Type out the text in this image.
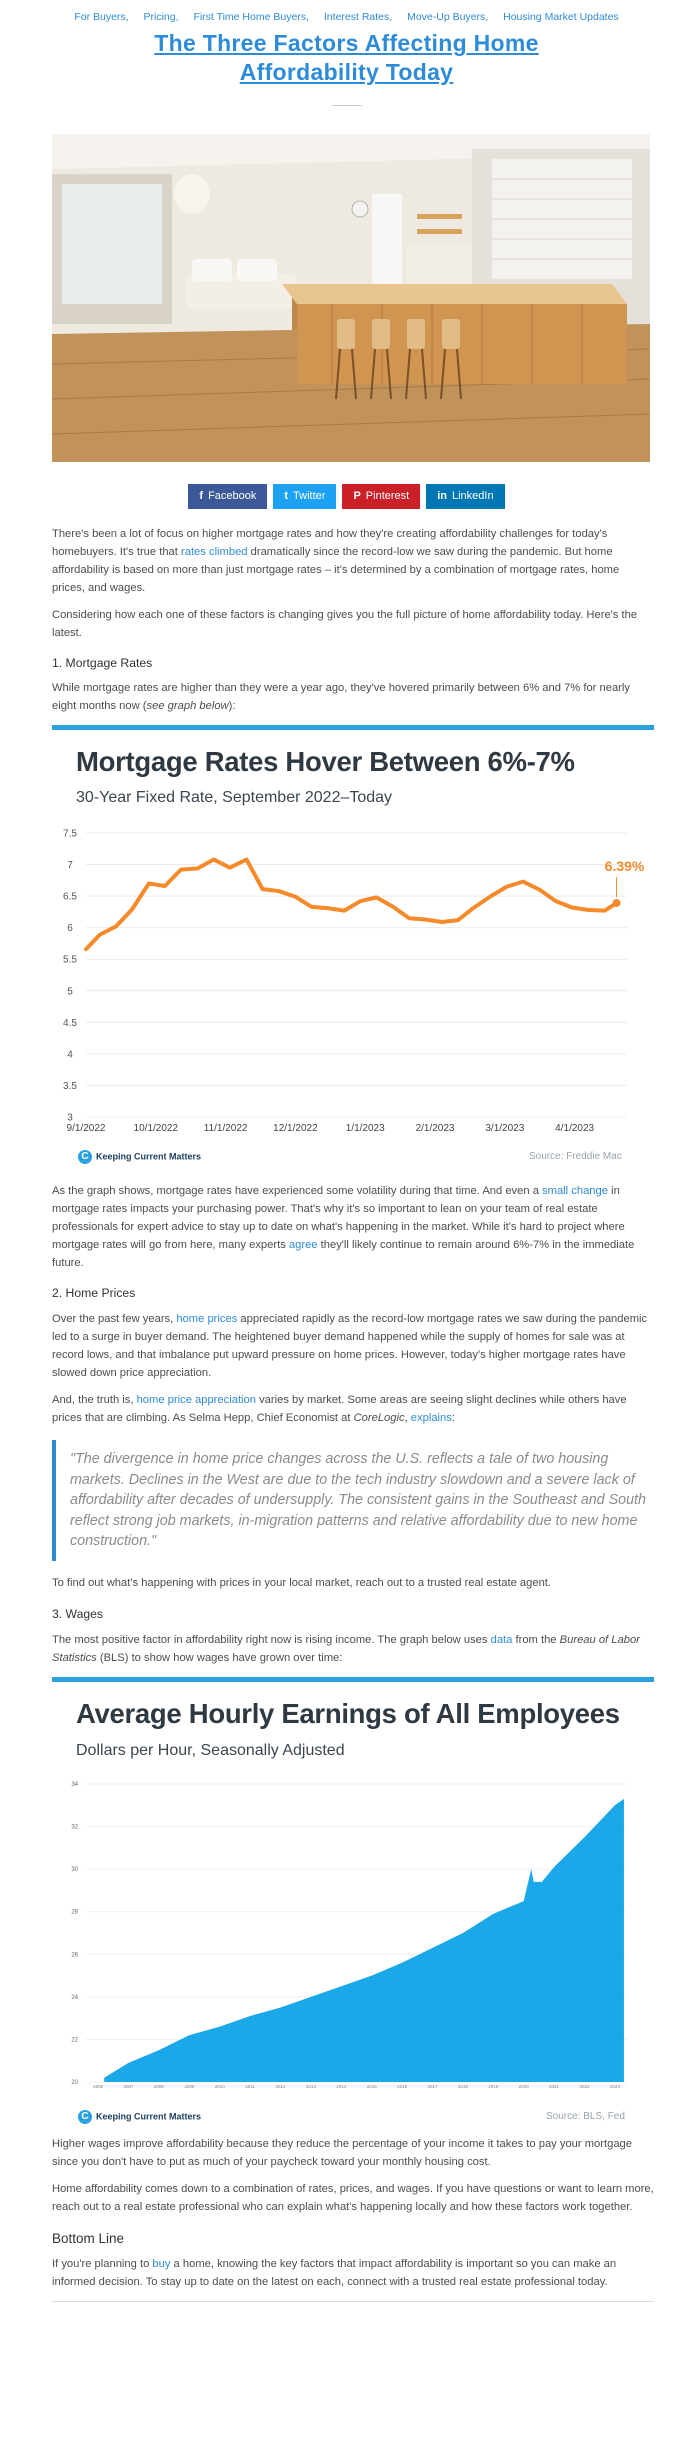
For Buyers, Pricing, First Time Home Buyers, Interest Rates, Move-Up Buyers, Housing Market Updates
The Three Factors Affecting Home Affordability Today
f Facebook	t Twitter	P Pinterest	in LinkedIn

There's been a lot of focus on higher mortgage rates and how they're creating affordability challenges for today's homebuyers. It's true that rates climbed dramatically since the record-low we saw during the pandemic. But home affordability is based on more than just mortgage rates – it's determined by a combination of mortgage rates, home prices, and wages.

Considering how each one of these factors is changing gives you the full picture of home affordability today. Here's the latest.

1. Mortgage Rates

While mortgage rates are higher than they were a year ago, they've hovered primarily between 6% and 7% for nearly eight months now (see graph below):

Mortgage Rates Hover Between 6%-7%
30-Year Fixed Rate, September 2022–Today
3
3.5
4
4.5
5
5.5
6
6.5
7
7.5
9/1/2022	10/1/2022	11/1/2022	12/1/2022	1/1/2023	2/1/2023	3/1/2023	4/1/2023
6.39%
C Keeping Current Matters	Source: Freddie Mac

As the graph shows, mortgage rates have experienced some volatility during that time. And even a small change in mortgage rates impacts your purchasing power. That's why it's so important to lean on your team of real estate professionals for expert advice to stay up to date on what's happening in the market. While it's hard to project where mortgage rates will go from here, many experts agree they'll likely continue to remain around 6%-7% in the immediate future.

2. Home Prices

Over the past few years, home prices appreciated rapidly as the record-low mortgage rates we saw during the pandemic led to a surge in buyer demand. The heightened buyer demand happened while the supply of homes for sale was at record lows, and that imbalance put upward pressure on home prices. However, today's higher mortgage rates have slowed down price appreciation.

And, the truth is, home price appreciation varies by market. Some areas are seeing slight declines while others have prices that are climbing. As Selma Hepp, Chief Economist at CoreLogic, explains:

"The divergence in home price changes across the U.S. reflects a tale of two housing markets. Declines in the West are due to the tech industry slowdown and a severe lack of affordability after decades of undersupply. The consistent gains in the Southeast and South reflect strong job markets, in-migration patterns and relative affordability due to new home construction."

To find out what's happening with prices in your local market, reach out to a trusted real estate agent.

3. Wages

The most positive factor in affordability right now is rising income. The graph below uses data from the Bureau of Labor Statistics (BLS) to show how wages have grown over time:

Average Hourly Earnings of All Employees
Dollars per Hour, Seasonally Adjusted
20
22
24
26
28
30
32
34
2006	2007	2008	2009	2010	2011	2012	2013	2014	2015	2016	2017	2018	2019	2020	2021	2022	2023
C Keeping Current Matters	Source: BLS, Fed

Higher wages improve affordability because they reduce the percentage of your income it takes to pay your mortgage since you don't have to put as much of your paycheck toward your monthly housing cost.

Home affordability comes down to a combination of rates, prices, and wages. If you have questions or want to learn more, reach out to a real estate professional who can explain what's happening locally and how these factors work together.

Bottom Line

If you're planning to buy a home, knowing the key factors that impact affordability is important so you can make an informed decision. To stay up to date on the latest on each, connect with a trusted real estate professional today.
